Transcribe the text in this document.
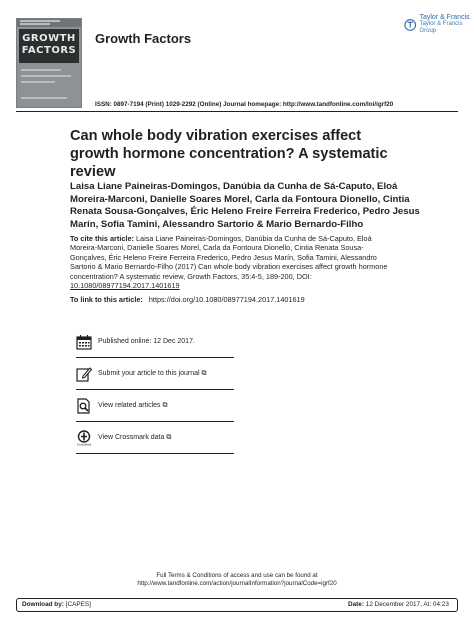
GROWTH
FACTORS
Growth Factors
Taylor & Francis
Taylor & Francis Group
ISSN: 0897-7194 (Print) 1029-2292 (Online) Journal homepage: http://www.tandfonline.com/loi/igrf20
Can whole body vibration exercises affect growth hormone concentration? A systematic review
Laisa Liane Paineiras-Domingos, Danúbia da Cunha de Sá-Caputo, Eloá Moreira-Marconi, Danielle Soares Morel, Carla da Fontoura Dionello, Cintia Renata Sousa-Gonçalves, Éric Heleno Freire Ferreira Frederico, Pedro Jesus Marín, Sofia Tamini, Alessandro Sartorio & Mario Bernardo-Filho
To cite this article: Laisa Liane Paineiras-Domingos, Danúbia da Cunha de Sá-Caputo, Eloá Moreira-Marconi, Danielle Soares Morel, Carla da Fontoura Dionello, Cintia Renata Sousa-Gonçalves, Éric Heleno Freire Ferreira Frederico, Pedro Jesus Marín, Sofia Tamini, Alessandro Sartorio & Mario Bernardo-Filho (2017) Can whole body vibration exercises affect growth hormone concentration? A systematic review, Growth Factors, 35:4-5, 189-200, DOI: 10.1080/08977194.2017.1401619
To link to this article: https://doi.org/10.1080/08977194.2017.1401619
Published online: 12 Dec 2017.
Submit your article to this journal ⧉
View related articles ⧉
CrossMark
View Crossmark data ⧉
Full Terms & Conditions of access and use can be found at
http://www.tandfonline.com/action/journalInformation?journalCode=igrf20
Download by: [CAPES]	Date: 12 December 2017, At: 04:23
